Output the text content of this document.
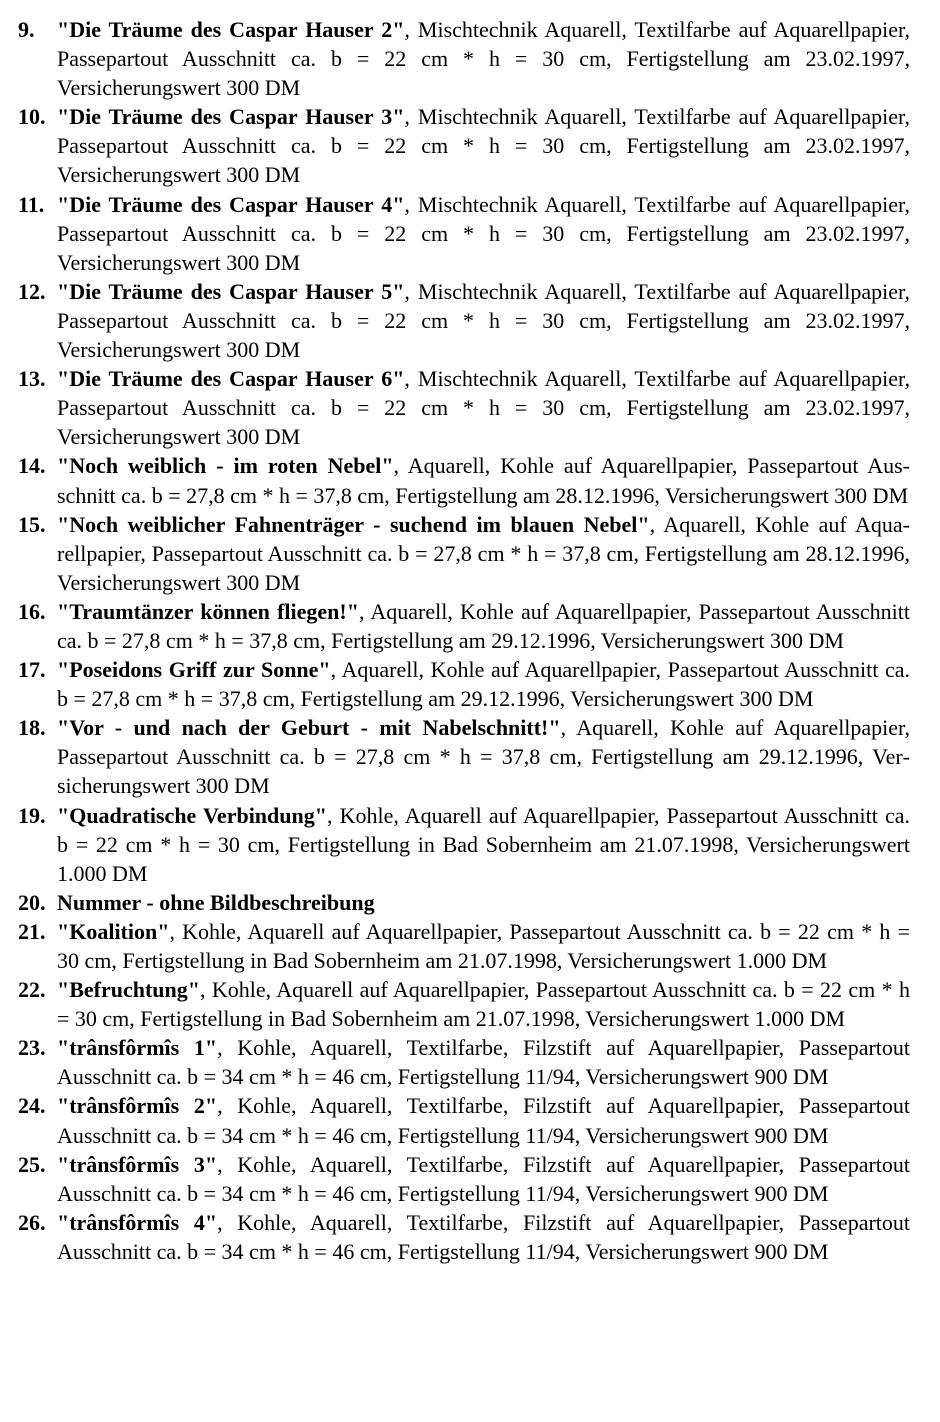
9. "Die Träume des Caspar Hauser 2", Mischtechnik Aquarell, Textilfarbe auf Aquarellpapier, Passepartout Ausschnitt ca. b = 22 cm * h = 30 cm, Fertigstellung am 23.02.1997, Versicherungswert 300 DM
10. "Die Träume des Caspar Hauser 3", Mischtechnik Aquarell, Textilfarbe auf Aquarellpapier, Passepartout Ausschnitt ca. b = 22 cm * h = 30 cm, Fertigstellung am 23.02.1997, Versicherungswert 300 DM
11. "Die Träume des Caspar Hauser 4", Mischtechnik Aquarell, Textilfarbe auf Aquarellpapier, Passepartout Ausschnitt ca. b = 22 cm * h = 30 cm, Fertigstellung am 23.02.1997, Versicherungswert 300 DM
12. "Die Träume des Caspar Hauser 5", Mischtechnik Aquarell, Textilfarbe auf Aquarellpapier, Passepartout Ausschnitt ca. b = 22 cm * h = 30 cm, Fertigstellung am 23.02.1997, Versicherungswert 300 DM
13. "Die Träume des Caspar Hauser 6", Mischtechnik Aquarell, Textilfarbe auf Aquarellpapier, Passepartout Ausschnitt ca. b = 22 cm * h = 30 cm, Fertigstellung am 23.02.1997, Versicherungswert 300 DM
14. "Noch weiblich - im roten Nebel", Aquarell, Kohle auf Aquarellpapier, Passepartout Ausschnitt ca. b = 27,8 cm * h = 37,8 cm, Fertigstellung am 28.12.1996, Versicherungswert 300 DM
15. "Noch weiblicher Fahnenträger - suchend im blauen Nebel", Aquarell, Kohle auf Aquarellpapier, Passepartout Ausschnitt ca. b = 27,8 cm * h = 37,8 cm, Fertigstellung am 28.12.1996, Versicherungswert 300 DM
16. "Traumtänzer können fliegen!", Aquarell, Kohle auf Aquarellpapier, Passepartout Ausschnitt ca. b = 27,8 cm * h = 37,8 cm, Fertigstellung am 29.12.1996, Versicherungswert 300 DM
17. "Poseidons Griff zur Sonne", Aquarell, Kohle auf Aquarellpapier, Passepartout Ausschnitt ca. b = 27,8 cm * h = 37,8 cm, Fertigstellung am 29.12.1996, Versicherungswert 300 DM
18. "Vor - und nach der Geburt - mit Nabelschnitt!", Aquarell, Kohle auf Aquarellpapier, Passepartout Ausschnitt ca. b = 27,8 cm * h = 37,8 cm, Fertigstellung am 29.12.1996, Versicherungswert 300 DM
19. "Quadratische Verbindung", Kohle, Aquarell auf Aquarellpapier, Passepartout Ausschnitt ca. b = 22 cm * h = 30 cm, Fertigstellung in Bad Sobernheim am 21.07.1998, Versicherungswert 1.000 DM
20. Nummer - ohne Bildbeschreibung
21. "Koalition", Kohle, Aquarell auf Aquarellpapier, Passepartout Ausschnitt ca. b = 22 cm * h = 30 cm, Fertigstellung in Bad Sobernheim am 21.07.1998, Versicherungswert 1.000 DM
22. "Befruchtung", Kohle, Aquarell auf Aquarellpapier, Passepartout Ausschnitt ca. b = 22 cm * h = 30 cm, Fertigstellung in Bad Sobernheim am 21.07.1998, Versicherungswert 1.000 DM
23. "trânsfôrmîs 1", Kohle, Aquarell, Textilfarbe, Filzstift auf Aquarellpapier, Passepartout Ausschnitt ca. b = 34 cm * h = 46 cm, Fertigstellung 11/94, Versicherungswert 900 DM
24. "trânsfôrmîs 2", Kohle, Aquarell, Textilfarbe, Filzstift auf Aquarellpapier, Passepartout Ausschnitt ca. b = 34 cm * h = 46 cm, Fertigstellung 11/94, Versicherungswert 900 DM
25. "trânsfôrmîs 3", Kohle, Aquarell, Textilfarbe, Filzstift auf Aquarellpapier, Passepartout Ausschnitt ca. b = 34 cm * h = 46 cm, Fertigstellung 11/94, Versicherungswert 900 DM
26. "trânsfôrmîs 4", Kohle, Aquarell, Textilfarbe, Filzstift auf Aquarellpapier, Passepartout Ausschnitt ca. b = 34 cm * h = 46 cm, Fertigstellung 11/94, Versicherungswert 900 DM
